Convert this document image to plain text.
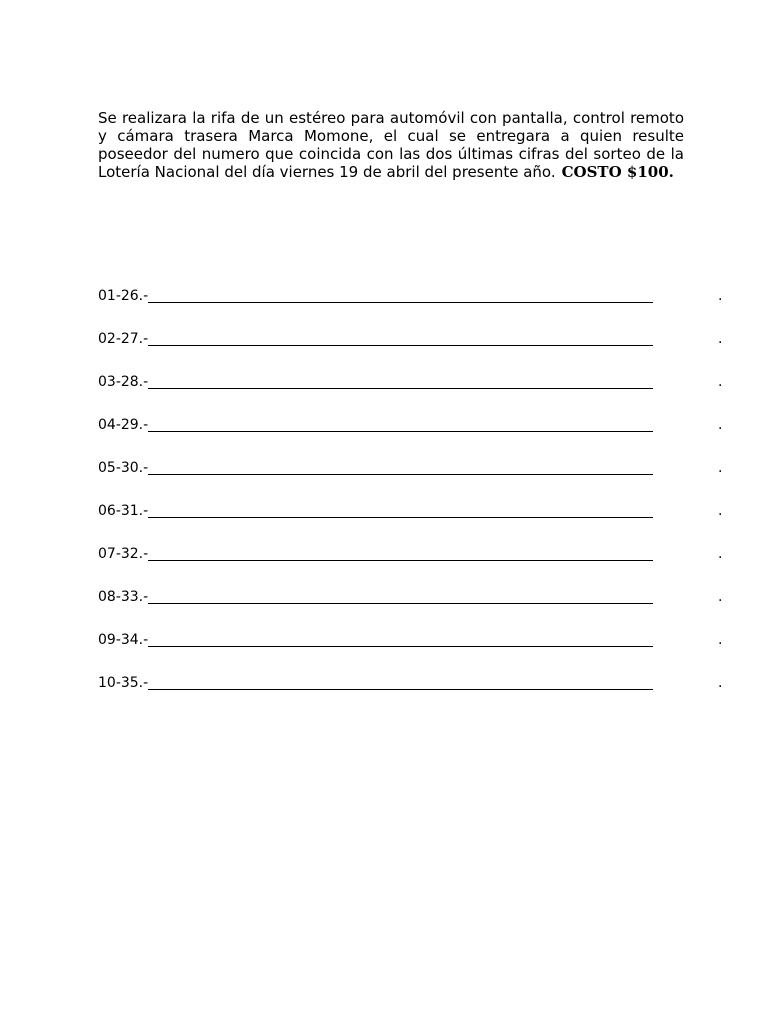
Se realizara la rifa de un estéreo para automóvil con pantalla, control remoto y cámara trasera Marca Momone, el cual se entregara a quien resulte poseedor del numero que coincida con las dos últimas cifras del sorteo de la Lotería Nacional del día viernes 19 de abril del presente año. COSTO $100.

01-26.-	.
02-27.-	.
03-28.-	.
04-29.-	.
05-30.-	.
06-31.-	.
07-32.-	.
08-33.-	.
09-34.-	.
10-35.-	.
